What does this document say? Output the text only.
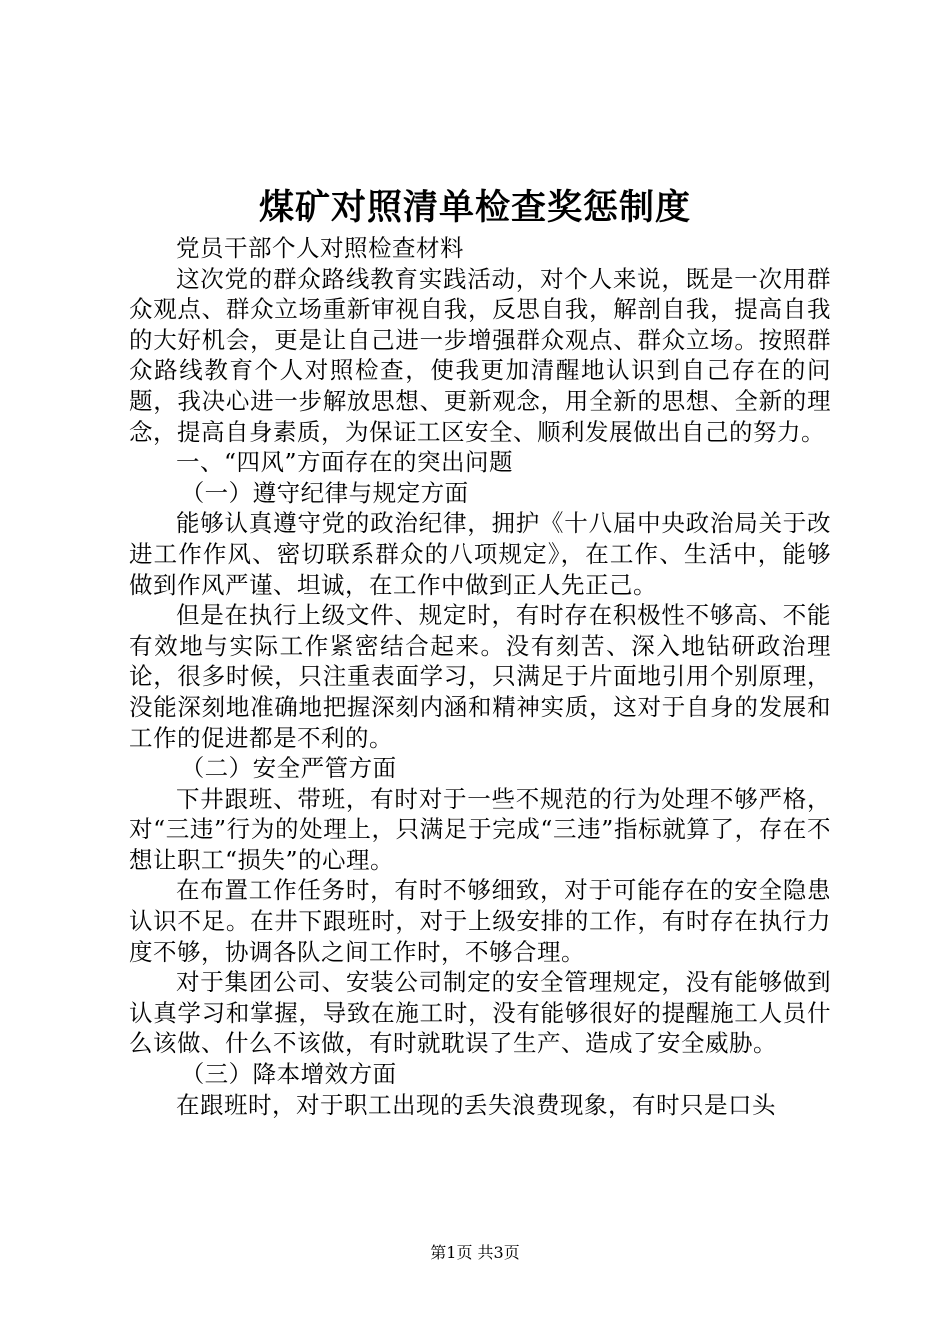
煤矿对照清单检查奖惩制度

党员干部个人对照检查材料

这次党的群众路线教育实践活动，对个人来说，既是一次用群众观点、群众立场重新审视自我，反思自我，解剖自我，提高自我的大好机会，更是让自己进一步增强群众观点、群众立场。按照群众路线教育个人对照检查，使我更加清醒地认识到自己存在的问题，我决心进一步解放思想、更新观念，用全新的思想、全新的理念，提高自身素质，为保证工区安全、顺利发展做出自己的努力。

一、“四风”方面存在的突出问题

（一）遵守纪律与规定方面

能够认真遵守党的政治纪律，拥护《十八届中央政治局关于改进工作作风、密切联系群众的八项规定》，在工作、生活中，能够做到作风严谨、坦诚，在工作中做到正人先正己。

但是在执行上级文件、规定时，有时存在积极性不够高、不能有效地与实际工作紧密结合起来。没有刻苦、深入地钻研政治理论，很多时候，只注重表面学习，只满足于片面地引用个别原理，没能深刻地准确地把握深刻内涵和精神实质，这对于自身的发展和工作的促进都是不利的。

（二）安全严管方面

下井跟班、带班，有时对于一些不规范的行为处理不够严格，对“三违”行为的处理上，只满足于完成“三违”指标就算了，存在不想让职工“损失”的心理。

在布置工作任务时，有时不够细致，对于可能存在的安全隐患认识不足。在井下跟班时，对于上级安排的工作，有时存在执行力度不够，协调各队之间工作时，不够合理。

对于集团公司、安装公司制定的安全管理规定，没有能够做到认真学习和掌握，导致在施工时，没有能够很好的提醒施工人员什么该做、什么不该做，有时就耽误了生产、造成了安全威胁。

（三）降本增效方面

在跟班时，对于职工出现的丢失浪费现象，有时只是口头

第1页 共3页
